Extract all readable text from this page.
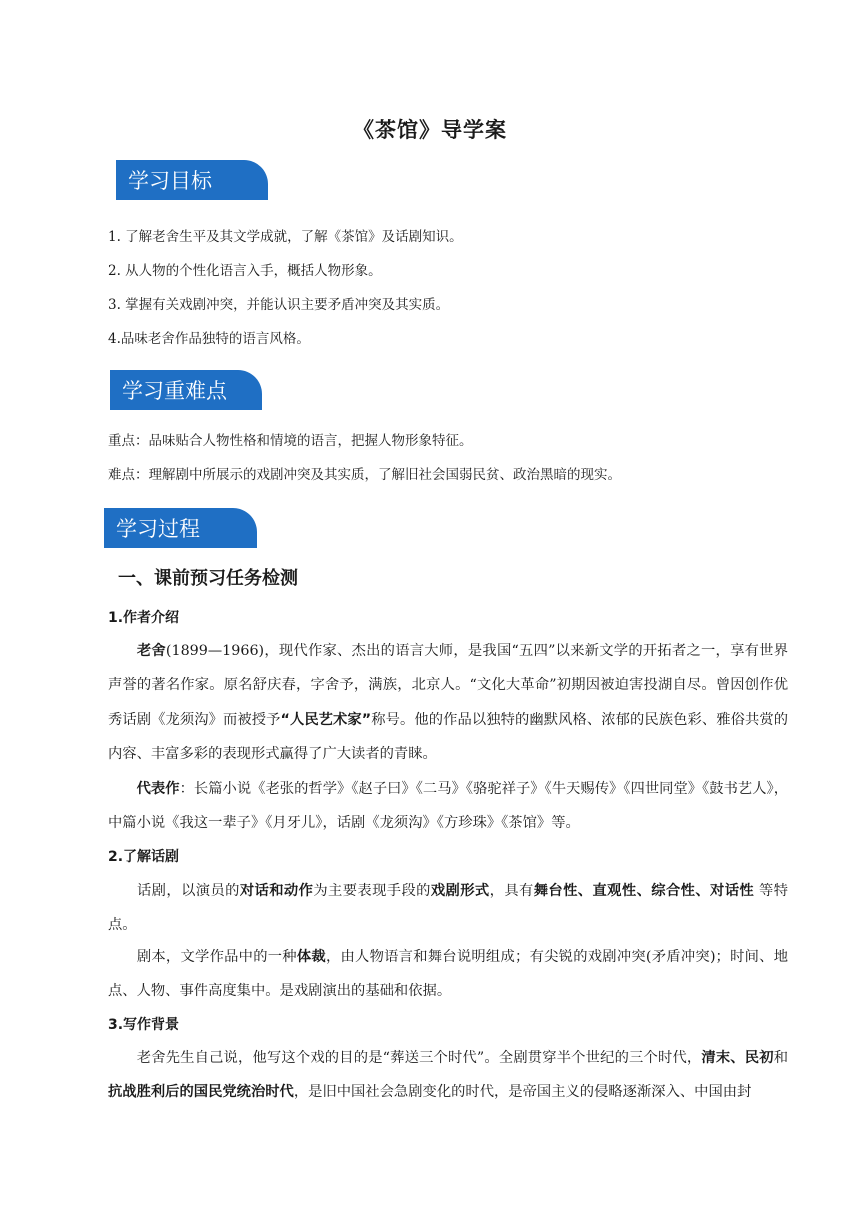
《茶馆》导学案
学习目标
1. 了解老舍生平及其文学成就，了解《茶馆》及话剧知识。
2. 从人物的个性化语言入手，概括人物形象。
3. 掌握有关戏剧冲突，并能认识主要矛盾冲突及其实质。
4.品味老舍作品独特的语言风格。
学习重难点
重点：品味贴合人物性格和情境的语言，把握人物形象特征。
难点：理解剧中所展示的戏剧冲突及其实质，了解旧社会国弱民贫、政治黑暗的现实。
学习过程
一、课前预习任务检测
1.作者介绍
老舍(1899—1966)，现代作家、杰出的语言大师，是我国“五四”以来新文学的开拓者之一，享有世界声誉的著名作家。原名舒庆春，字舍予，满族，北京人。“文化大革命”初期因被迫害投湖自尽。曾因创作优秀话剧《龙须沟》而被授予“人民艺术家”称号。他的作品以独特的幽默风格、浓郁的民族色彩、雅俗共赏的内容、丰富多彩的表现形式赢得了广大读者的青睐。
代表作：长篇小说《老张的哲学》《赵子曰》《二马》《骆驼祥子》《牛天赐传》《四世同堂》《鼓书艺人》，中篇小说《我这一辈子》《月牙儿》，话剧《龙须沟》《方珍珠》《茶馆》等。
2.了解话剧
话剧，以演员的对话和动作为主要表现手段的戏剧形式，具有舞台性、直观性、综合性、对话性 等特点。
剧本，文学作品中的一种体裁，由人物语言和舞台说明组成；有尖锐的戏剧冲突(矛盾冲突)；时间、地点、人物、事件高度集中。是戏剧演出的基础和依据。
3.写作背景
老舍先生自己说，他写这个戏的目的是“葬送三个时代”。全剧贯穿半个世纪的三个时代，清末、民初和抗战胜利后的国民党统治时代，是旧中国社会急剧变化的时代，是帝国主义的侵略逐渐深入、中国由封
